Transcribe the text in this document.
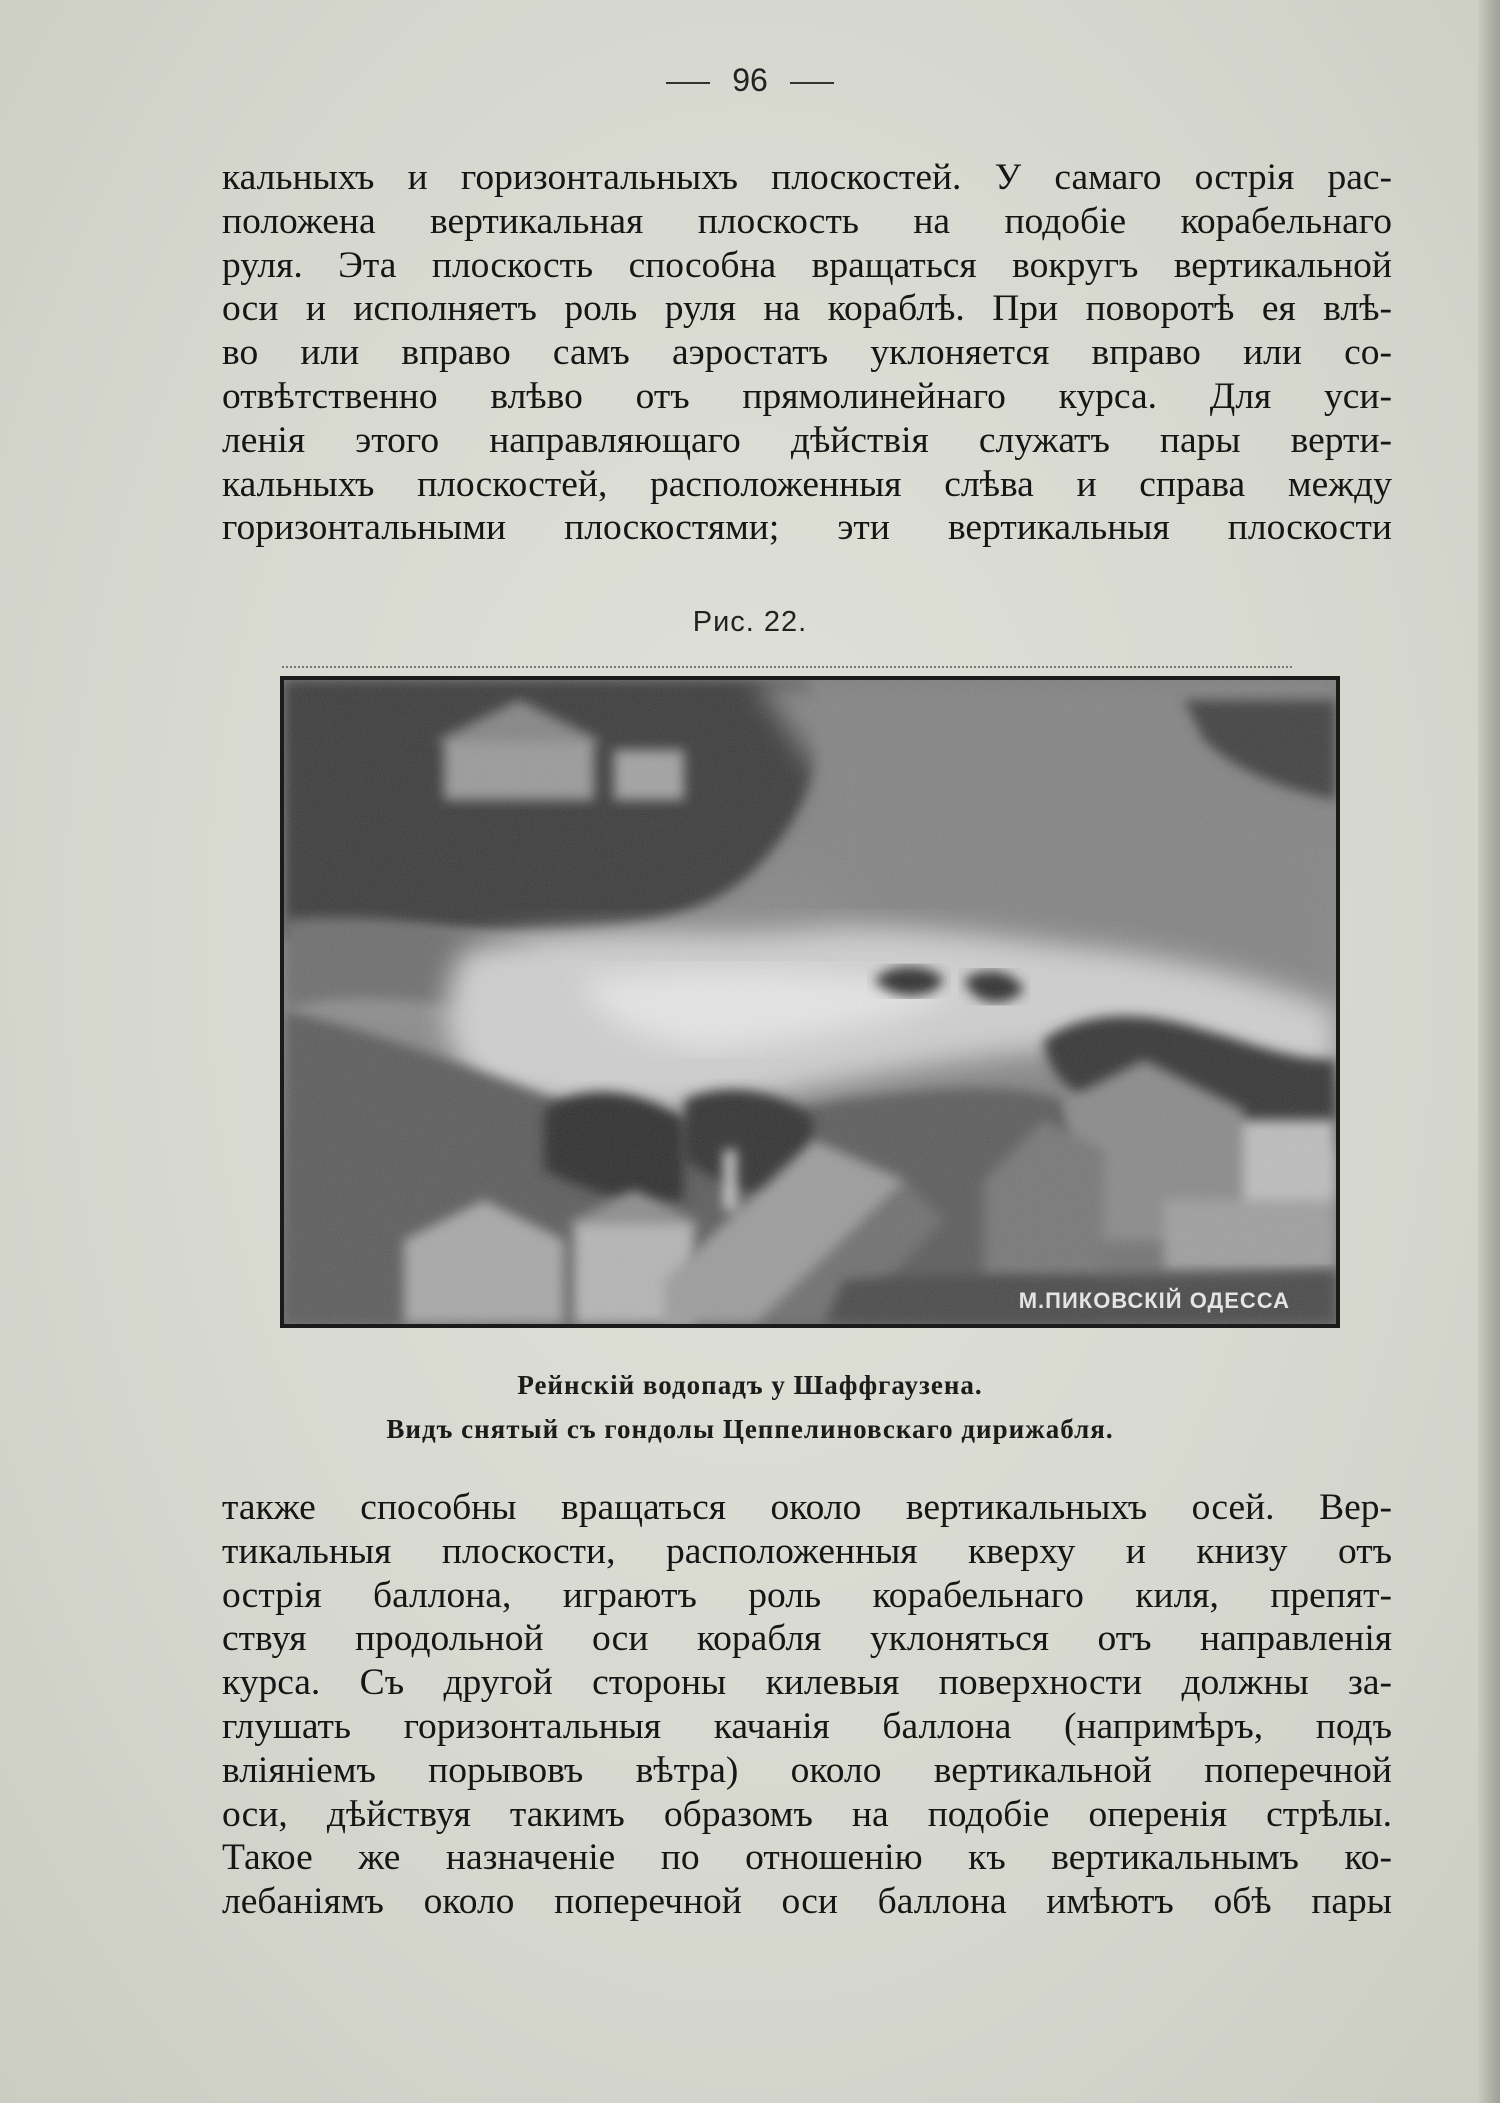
96
кальныхъ и горизонтальныхъ плоскостей. У самаго острія рас-
положена вертикальная плоскость на подобіе корабельнаго
руля. Эта плоскость способна вращаться вокругъ вертикальной
оси и исполняетъ роль руля на кораблѣ. При поворотѣ ея влѣ-
во или вправо самъ аэростатъ уклоняется вправо или со-
отвѣтственно влѣво отъ прямолинейнаго курса. Для уси-
ленія этого направляющаго дѣйствія служатъ пары верти-
кальныхъ плоскостей, расположенныя слѣва и справа между
горизонтальными плоскостями; эти вертикальныя плоскости
Рис. 22.
М.ПИКОВСКІЙ ОДЕССА
Рейнскій водопадъ у Шаффгаузена.
Видъ снятый съ гондолы Цеппелиновскаго дирижабля.
также способны вращаться около вертикальныхъ осей. Вер-
тикальныя плоскости, расположенныя кверху и книзу отъ
острія баллона, играютъ роль корабельнаго киля, препят-
ствуя продольной оси корабля уклоняться отъ направленія
курса. Съ другой стороны килевыя поверхности должны за-
глушать горизонтальныя качанія баллона (напримѣръ, подъ
вліяніемъ порывовъ вѣтра) около вертикальной поперечной
оси, дѣйствуя такимъ образомъ на подобіе оперенія стрѣлы.
Такое же назначеніе по отношенію къ вертикальнымъ ко-
лебаніямъ около поперечной оси баллона имѣютъ обѣ пары
